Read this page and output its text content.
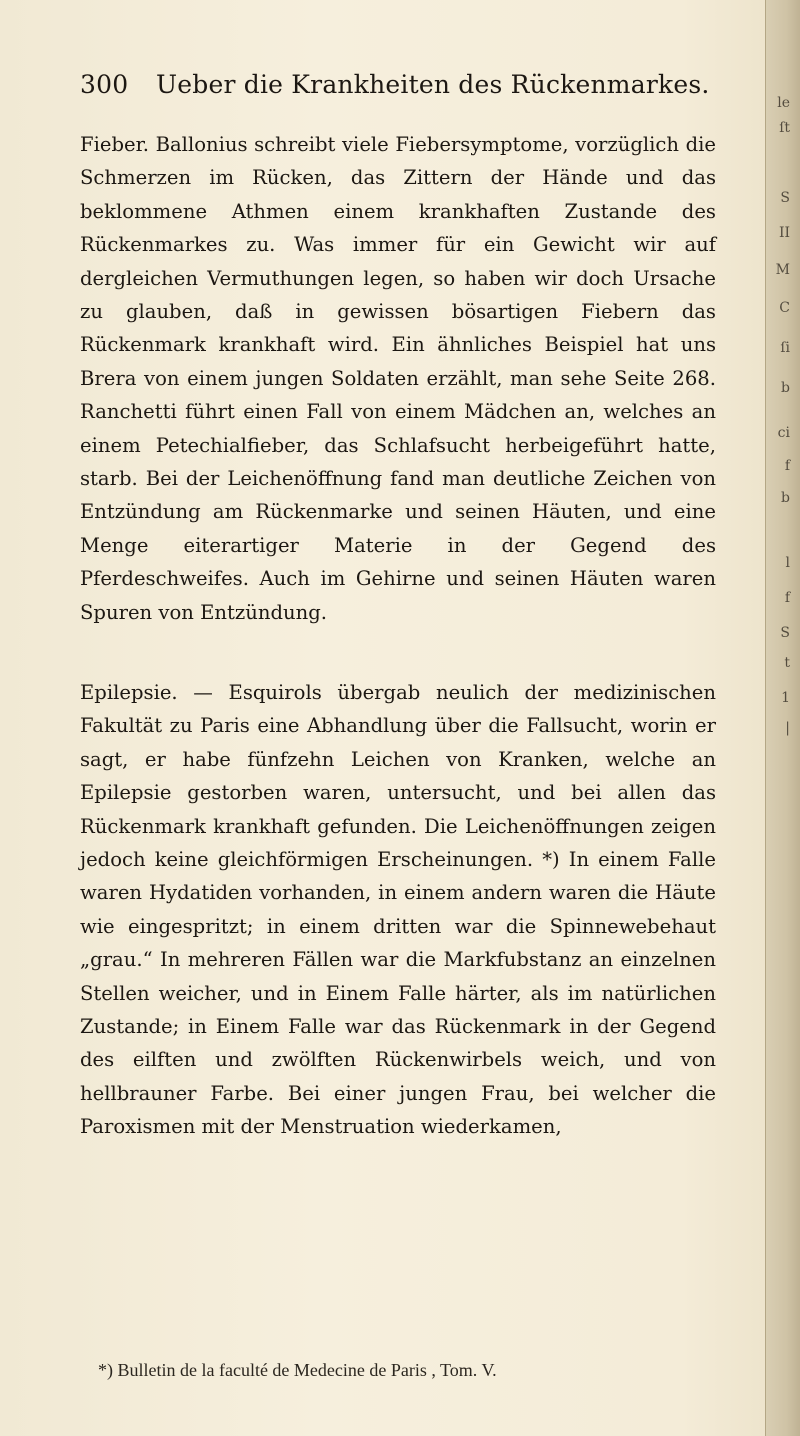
300 Ueber die Krankheiten des Rückenmarkes.
Fieber. Ballonius schreibt viele Fiebersymptome, vorzüglich die Schmerzen im Rücken, das Zittern der Hände und das beklommene Athmen einem krankhaften Zustande des Rückenmarkes zu. Was immer für ein Gewicht wir auf dergleichen Vermuthungen legen, so haben wir doch Ursache zu glauben, daß in gewissen bösartigen Fiebern das Rückenmark krankhaft wird. Ein ähnliches Beispiel hat uns Brera von einem jungen Soldaten erzählt, man sehe Seite 268. Ranchetti führt einen Fall von einem Mädchen an, welches an einem Petechialfieber, das Schlafsucht herbeigeführt hatte, starb. Bei der Leichenöffnung fand man deutliche Zeichen von Entzündung am Rückenmarke und seinen Häuten, und eine Menge eiterartiger Materie in der Gegend des Pferdeschweifes. Auch im Gehirne und seinen Häuten waren Spuren von Entzündung.
Epilepsie. — Esquirols übergab neulich der medizinischen Fakultät zu Paris eine Abhandlung über die Fallsucht, worin er sagt, er habe fünfzehn Leichen von Kranken, welche an Epilepsie gestorben waren, untersucht, und bei allen das Rückenmark krankhaft gefunden. Die Leichenöffnungen zeigen jedoch keine gleichförmigen Erscheinungen. *) In einem Falle waren Hydatiden vorhanden, in einem andern waren die Häute wie eingespritzt; in einem dritten war die Spinnewebehaut „grau.“ In mehreren Fällen war die Markfubstanz an einzelnen Stellen weicher, und in Einem Falle härter, als im natürlichen Zustande; in Einem Falle war das Rückenmark in der Gegend des eilften und zwölften Rückenwirbels weich, und von hellbrauner Farbe. Bei einer jungen Frau, bei welcher die Paroxismen mit der Menstruation wiederkamen,
*) Bulletin de la faculté de Medecine de Paris , Tom. V.
le
ſt
S
II
M
C
ſi
b
ci
f
b
l
f
S
t
1
|
